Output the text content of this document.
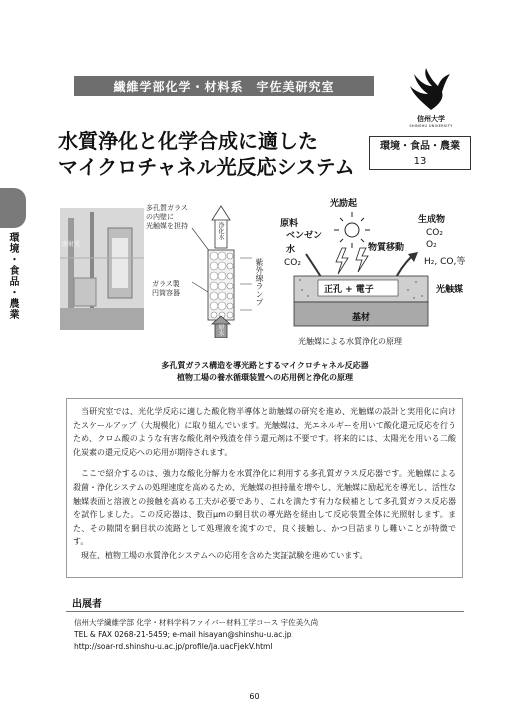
環境・食品・農業
繊維学部化学・材料系　宇佐美研究室
信州大学
SHINSHU UNIVERSITY
水質浄化と化学合成に適した
マイクロチャネル光反応システム
環境・食品・農業
13
照射光
多孔質ガラス
の内壁に
光触媒を担持
ガラス製
円筒容器
浄化水
原水
紫外線ランプ
光励起
原料
ベンゼン
水
CO₂
生成物
CO₂
O₂
H₂, CO,等
物質移動
正孔 + 電子	光触媒
基材
光触媒による水質浄化の原理
多孔質ガラス構造を導光路とするマイクロチャネル反応器
植物工場の養水循環装置への応用例と浄化の原理

当研究室では、光化学反応に適した酸化物半導体と助触媒の研究を進め、光触媒の設計と実用化に向けたスケールアップ（大規模化）に取り組んでいます。光触媒は、光エネルギーを用いて酸化還元反応を行うため、クロム酸のような有害な酸化剤や残渣を伴う還元剤は不要です。将来的には、太陽光を用いる二酸化炭素の還元反応への応用が期待されます。

ここで紹介するのは、強力な酸化分解力を水質浄化に利用する多孔質ガラス反応器です。光触媒による殺菌・浄化システムの処理速度を高めるため、光触媒の担持量を増やし、光触媒に励起光を導光し、活性な触媒表面と溶液との接触を高める工夫が必要であり、これを満たす有力な候補として多孔質ガラス反応器を試作しました。この反応器は、数百μmの網目状の導光路を経由して反応装置全体に光照射します。また、その隙間を網目状の流路として処理液を流すので、良く接触し、かつ目詰まりし難いことが特徴です。

現在、植物工場の水質浄化システムへの応用を含めた実証試験を進めています。

出展者
信州大学繊維学部 化学・材料学科ファイバー材料工学コース 宇佐美久尚
TEL & FAX 0268-21-5459; e-mail hisayan@shinshu-u.ac.jp
http://soar-rd.shinshu-u.ac.jp/profile/ja.uacFjekV.html
60
